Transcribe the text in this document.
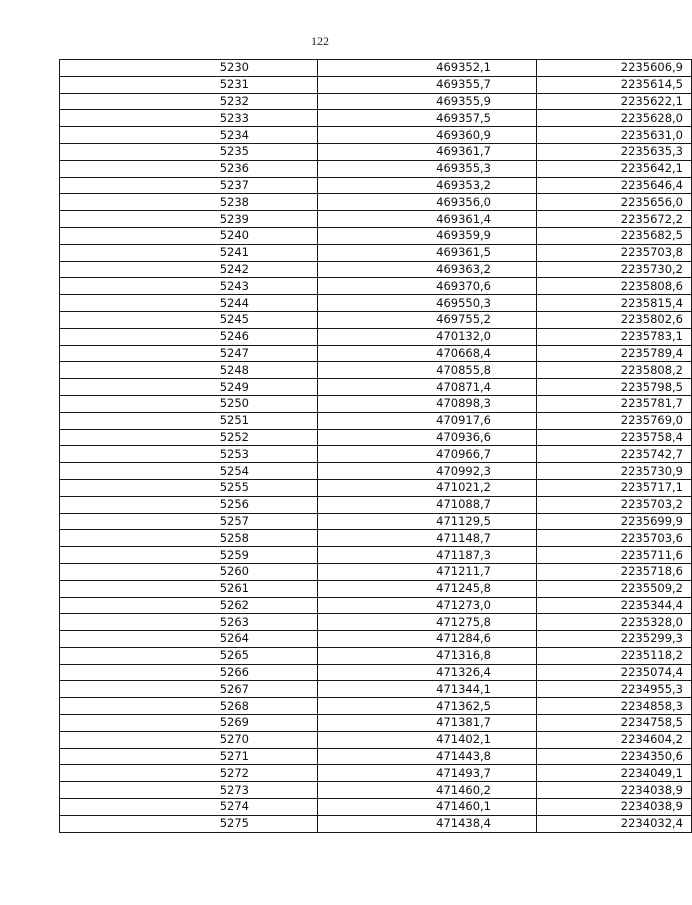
122
5230	469352,1	2235606,9
5231	469355,7	2235614,5
5232	469355,9	2235622,1
5233	469357,5	2235628,0
5234	469360,9	2235631,0
5235	469361,7	2235635,3
5236	469355,3	2235642,1
5237	469353,2	2235646,4
5238	469356,0	2235656,0
5239	469361,4	2235672,2
5240	469359,9	2235682,5
5241	469361,5	2235703,8
5242	469363,2	2235730,2
5243	469370,6	2235808,6
5244	469550,3	2235815,4
5245	469755,2	2235802,6
5246	470132,0	2235783,1
5247	470668,4	2235789,4
5248	470855,8	2235808,2
5249	470871,4	2235798,5
5250	470898,3	2235781,7
5251	470917,6	2235769,0
5252	470936,6	2235758,4
5253	470966,7	2235742,7
5254	470992,3	2235730,9
5255	471021,2	2235717,1
5256	471088,7	2235703,2
5257	471129,5	2235699,9
5258	471148,7	2235703,6
5259	471187,3	2235711,6
5260	471211,7	2235718,6
5261	471245,8	2235509,2
5262	471273,0	2235344,4
5263	471275,8	2235328,0
5264	471284,6	2235299,3
5265	471316,8	2235118,2
5266	471326,4	2235074,4
5267	471344,1	2234955,3
5268	471362,5	2234858,3
5269	471381,7	2234758,5
5270	471402,1	2234604,2
5271	471443,8	2234350,6
5272	471493,7	2234049,1
5273	471460,2	2234038,9
5274	471460,1	2234038,9
5275	471438,4	2234032,4
